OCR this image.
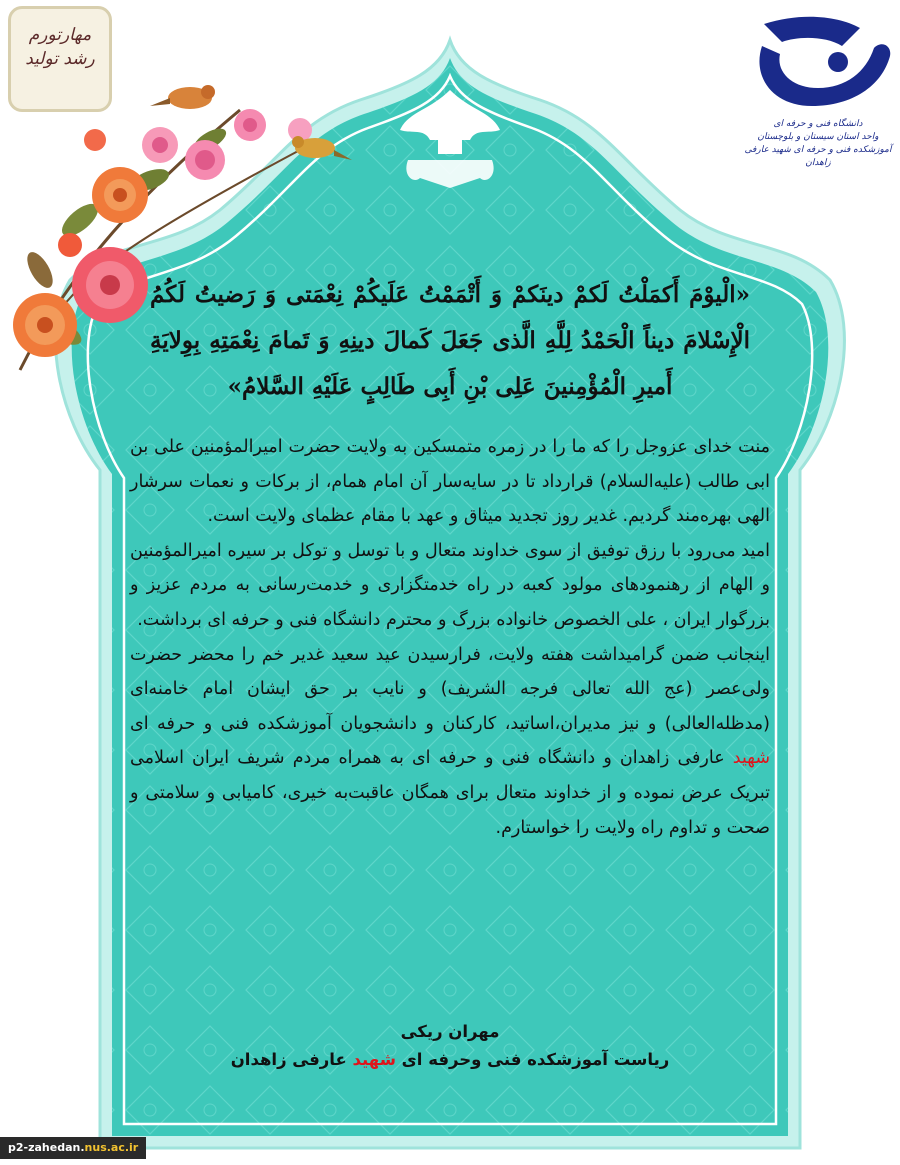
مهارتورم
رشد تولید
دانشگاه فنی و حرفه ای
واحد استان سیستان و بلوچستان
آموزشکده فنی و حرفه ای شهید عارفی زاهدان
«الْیوْمَ أَکمَلْتُ لَکمْ دینَکمْ وَ أَتْمَمْتُ عَلَیکُمْ نِعْمَتی وَ رَضیتُ لَکُمُ الْإِسْلامَ دیناً الْحَمْدُ لِلَّهِ الَّذی جَعَلَ کَمالَ دینِهِ وَ تَمامَ نِعْمَتِهِ بِوِلایَةِ أَمیرِ الْمُؤْمِنینَ عَلِی بْنِ أَبِی طَالِبٍ عَلَیْهِ السَّلامُ»

منت خدای عزوجل را که ما را در زمره متمسکین به ولایت حضرت امیرالمؤمنین علی بن ابی طالب (علیه‌السلام) قرارداد تا در سایه‌سار آن امام همام، از برکات و نعمات سرشار الهی بهره‌مند گردیم. غدیر روز تجدید میثاق و عهد با مقام عظمای ولایت است.

امید می‌رود با رزق توفیق از سوی خداوند متعال و با توسل و توکل بر سیره امیرالمؤمنین و الهام از رهنمودهای مولود کعبه در راه خدمتگزاری و خدمت‌رسانی به مردم عزیز و بزرگوار ایران ، علی الخصوص خانواده بزرگ و محترم دانشگاه فنی و حرفه ای برداشت.

اینجانب ضمن گرامیداشت هفته ولایت، فرارسیدن عید سعید غدیر خم را محضر حضرت ولی‌عصر (عج الله تعالی فرجه الشریف) و نایب بر حق ایشان امام خامنه‌ای (مدظله‌العالی) و نیز مدیران،اساتید، کارکنان و دانشجویان آموزشکده فنی و حرفه ای شهید عارفی زاهدان و دانشگاه فنی و حرفه ای به همراه مردم شریف ایران اسلامی تبریک عرض نموده و از خداوند متعال برای همگان عاقبت‌به خیری، کامیابی و سلامتی و صحت و تداوم راه ولایت را خواستارم.

مهران ریکی
ریاست آموزشکده فنی وحرفه ای شهید عارفی زاهدان
p2-zahedan.nus.ac.ir
